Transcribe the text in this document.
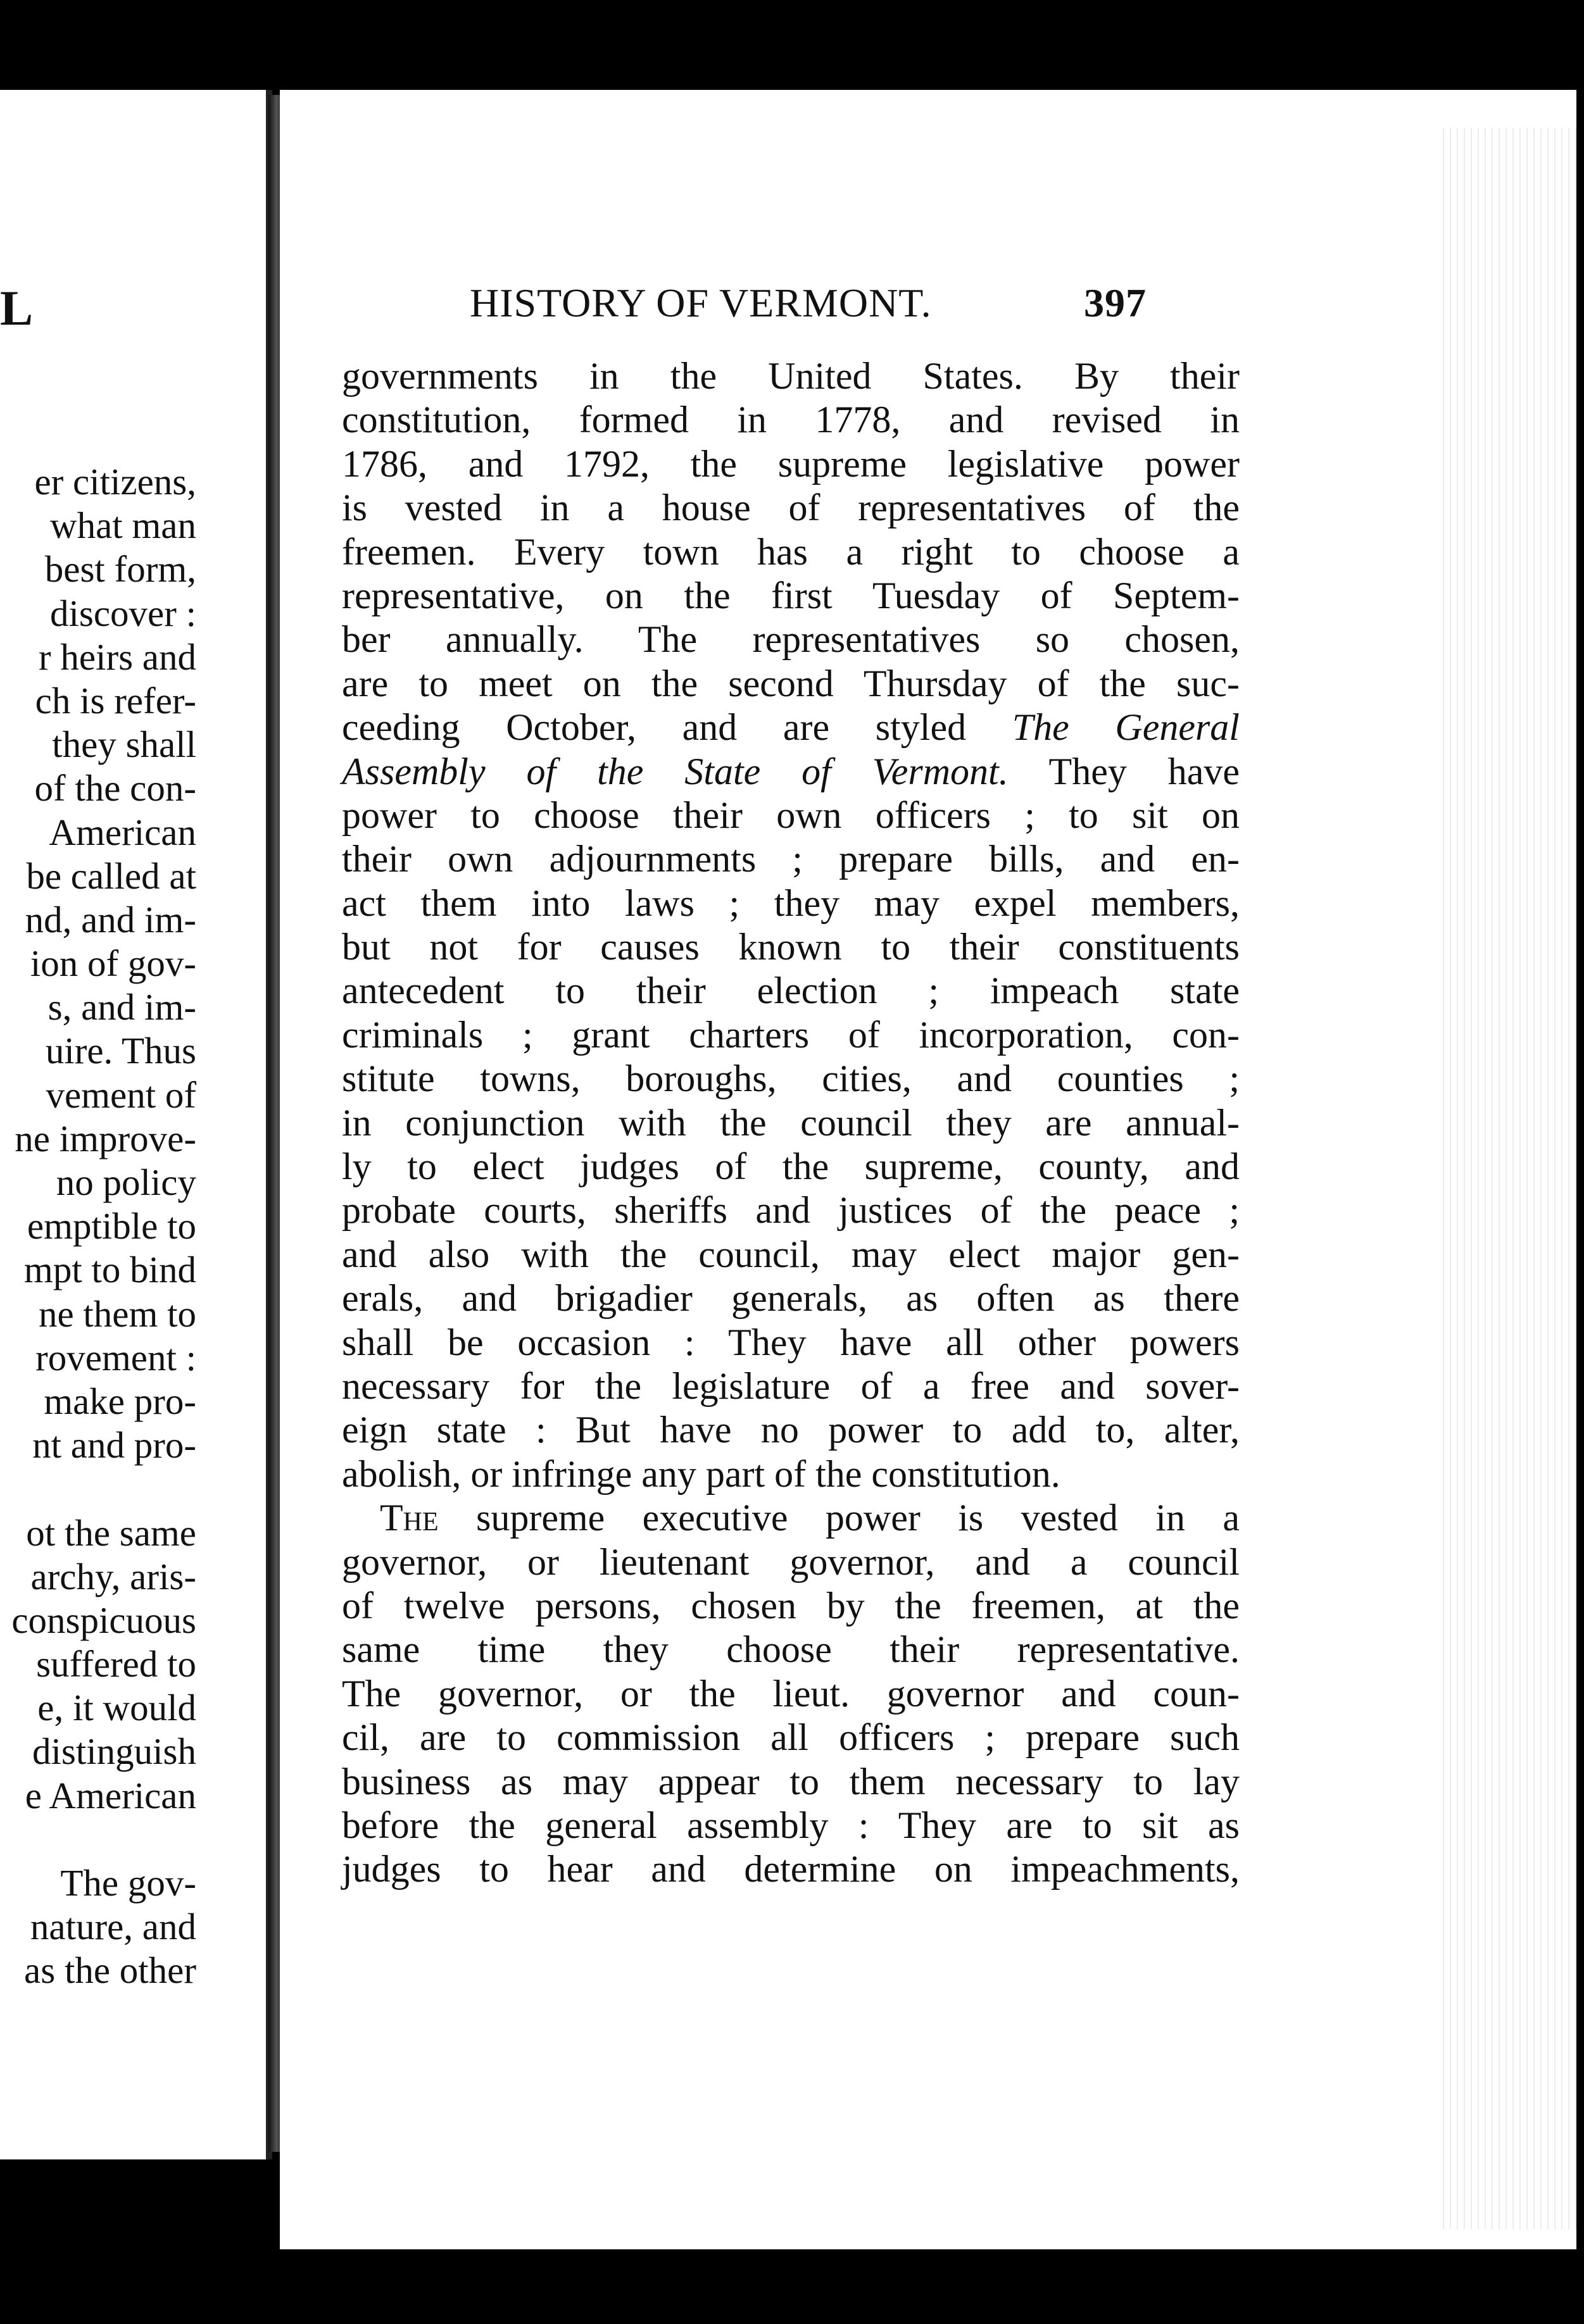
L
er citizens,
what man
best form,
discover :
r heirs and
ch is refer-
they shall
of the con-
American
be called at
nd, and im-
ion of gov-
s, and im-
uire. Thus
vement of
ne improve-
no policy
emptible to
mpt to bind
ne them to
rovement :
make pro-
nt and pro-
ot the same
archy, aris-
conspicuous
suffered to
e, it would
distinguish
e American
The gov-
nature, and
as the other
HISTORY OF VERMONT.	397
governments in the United States. By their
constitution, formed in 1778, and revised in
1786, and 1792, the supreme legislative power
is vested in a house of representatives of the
freemen. Every town has a right to choose a
representative, on the first Tuesday of Septem-
ber annually. The representatives so chosen,
are to meet on the second Thursday of the suc-
ceeding October, and are styled The General
Assembly of the State of Vermont. They have
power to choose their own officers ; to sit on
their own adjournments ; prepare bills, and en-
act them into laws ; they may expel members,
but not for causes known to their constituents
antecedent to their election ; impeach state
criminals ; grant charters of incorporation, con-
stitute towns, boroughs, cities, and counties ;
in conjunction with the council they are annual-
ly to elect judges of the supreme, county, and
probate courts, sheriffs and justices of the peace ;
and also with the council, may elect major gen-
erals, and brigadier generals, as often as there
shall be occasion : They have all other powers
necessary for the legislature of a free and sover-
eign state : But have no power to add to, alter,
abolish, or infringe any part of the constitution.
The supreme executive power is vested in a
governor, or lieutenant governor, and a council
of twelve persons, chosen by the freemen, at the
same time they choose their representative.
The governor, or the lieut. governor and coun-
cil, are to commission all officers ; prepare such
business as may appear to them necessary to lay
before the general assembly : They are to sit as
judges to hear and determine on impeachments,
